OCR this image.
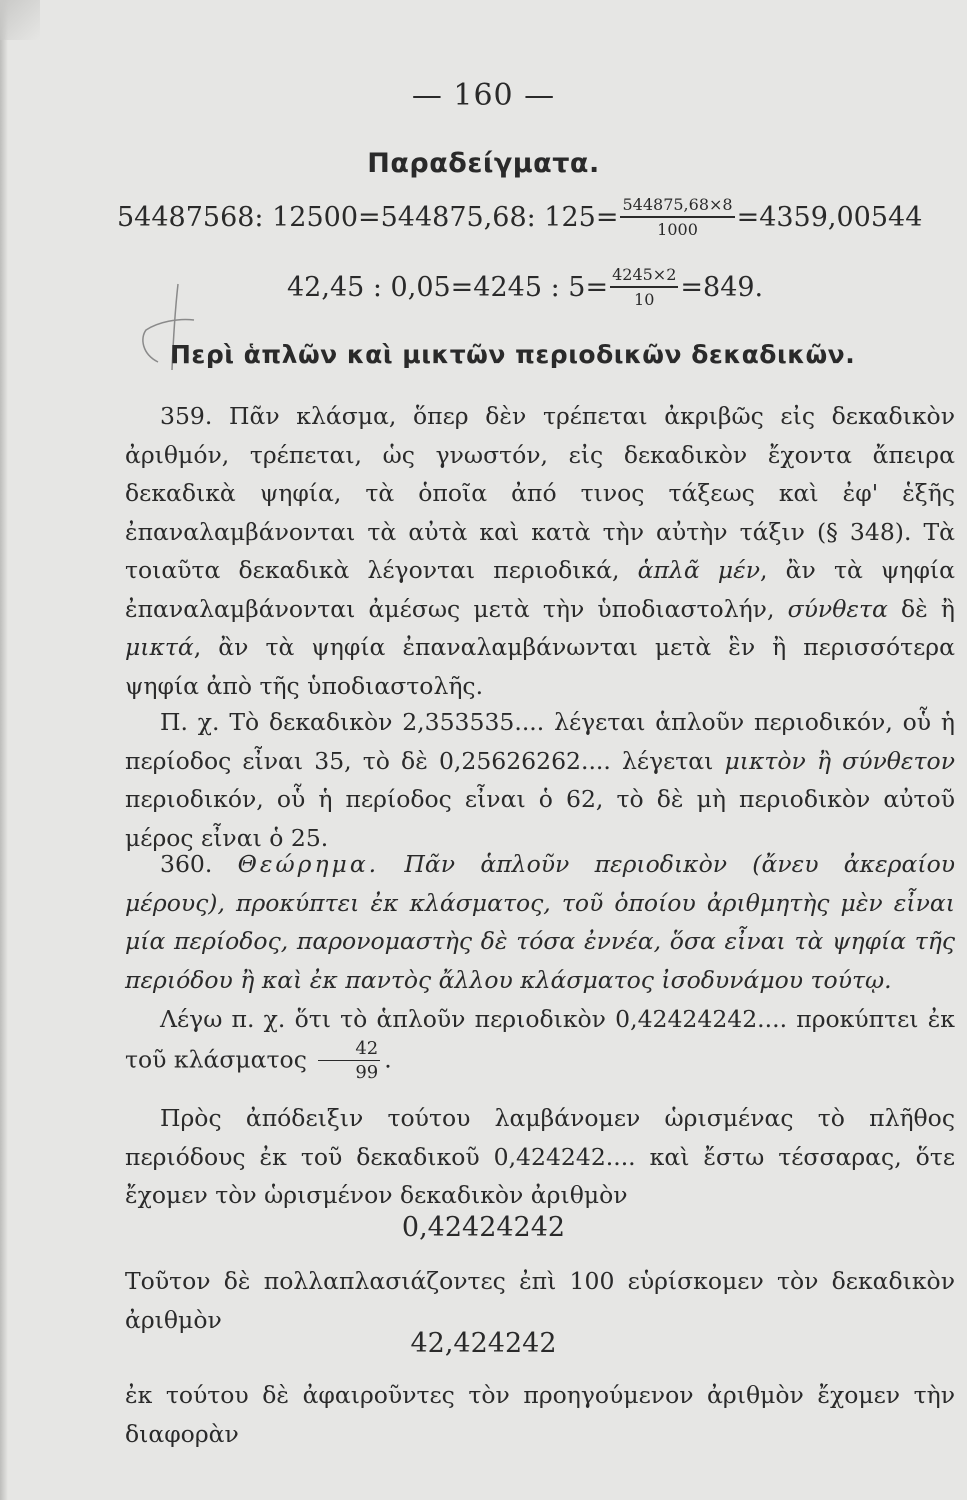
— 160 —
Παραδείγματα.
54487568: 12500=544875,68: $125= \frac{544875,68\times 8}{1000} =4359,00544$
42,45 : 0,05=4245 : $5= \frac{4245\times 2}{10} =849$.
Περὶ ἁπλῶν καὶ μικτῶν περιοδικῶν δεκαδικῶν.

359. Πᾶν κλάσμα, ὅπερ δὲν τρέπεται ἀκριβῶς εἰς δεκαδικὸν ἀριθμόν, τρέπεται, ὡς γνωστόν, εἰς δεκαδικὸν ἔχοντα ἄπειρα δεκαδικὰ ψηφία, τὰ ὁποῖα ἀπό τινος τάξεως καὶ ἐφ' ἑξῆς ἐπαναλαμβάνονται τὰ αὐτὰ καὶ κατὰ τὴν αὐτὴν τάξιν (§ 348). Τὰ τοιαῦτα δεκαδικὰ λέγονται περιοδικά, ἁπλᾶ μέν, ἂν τὰ ψηφία ἐπαναλαμβάνονται ἀμέσως μετὰ τὴν ὑποδιαστολήν, σύνθετα δὲ ἢ μικτά, ἂν τὰ ψηφία ἐπαναλαμβάνωνται μετὰ ἓν ἢ περισσότερα ψηφία ἀπὸ τῆς ὑποδιαστολῆς.

Π. χ. Τὸ δεκαδικὸν 2,353535.... λέγεται ἁπλοῦν περιοδικόν, οὗ ἡ περίοδος εἶναι 35, τὸ δὲ 0,25626262.... λέγεται μικτὸν ἢ σύνθετον περιοδικόν, οὗ ἡ περίοδος εἶναι ὁ 62, τὸ δὲ μὴ περιοδικὸν αὐτοῦ μέρος εἶναι ὁ 25.

360. Θεώρημα. Πᾶν ἁπλοῦν περιοδικὸν (ἄνευ ἀκεραίου μέρους), προκύπτει ἐκ κλάσματος, τοῦ ὁποίου ἀριθμητὴς μὲν εἶναι μία περίοδος, παρονομαστὴς δὲ τόσα ἐννέα, ὅσα εἶναι τὰ ψηφία τῆς περιόδου ἢ καὶ ἐκ παντὸς ἄλλου κλάσματος ἰσοδυνάμου τούτῳ.

Λέγω π. χ. ὅτι τὸ ἁπλοῦν περιοδικὸν 0,42424242.... προκύπτει ἐκ τοῦ κλάσματος $\frac{42}{99}$ .

Πρὸς ἀπόδειξιν τούτου λαμβάνομεν ὡρισμένας τὸ πλῆθος περιόδους ἐκ τοῦ δεκαδικοῦ 0,424242.... καὶ ἔστω τέσσαρας, ὅτε ἔχομεν τὸν ὡρισμένον δεκαδικὸν ἀριθμὸν

0,42424242

Τοῦτον δὲ πολλαπλασιάζοντες ἐπὶ 100 εὑρίσκομεν τὸν δεκαδικὸν ἀριθμὸν

42,424242

ἐκ τούτου δὲ ἀφαιροῦντες τὸν προηγούμενον ἀριθμὸν ἔχομεν τὴν διαφορὰν
